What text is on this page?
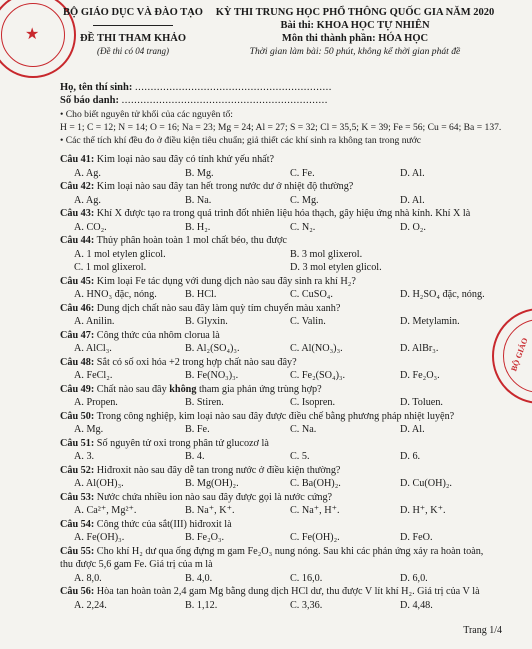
★
BỘ GIÁO
BỘ GIÁO DỤC VÀ ĐÀO TẠO
ĐỀ THI THAM KHẢO
(Đề thi có 04 trang)
KỲ THI TRUNG HỌC PHỔ THÔNG QUỐC GIA NĂM 2020
Bài thi: KHOA HỌC TỰ NHIÊN
Môn thi thành phần: HÓA HỌC
Thời gian làm bài: 50 phút, không kể thời gian phát đề
Họ, tên thí sinh: ...............................................................
Số báo danh: ..................................................................
• Cho biết nguyên tử khối của các nguyên tố:
H = 1; C = 12; N = 14; O = 16; Na = 23; Mg = 24; Al = 27; S = 32; Cl = 35,5; K = 39; Fe = 56; Cu = 64; Ba = 137.
• Các thể tích khí đều đo ở điều kiện tiêu chuẩn; giả thiết các khí sinh ra không tan trong nước
Câu 41: Kim loại nào sau đây có tính khử yếu nhất?
A. Ag.	B. Mg.	C. Fe.	D. Al.
Câu 42: Kim loại nào sau đây tan hết trong nước dư ở nhiệt độ thường?
A. Ag.	B. Na.	C. Mg.	D. Al.
Câu 43: Khí X được tạo ra trong quá trình đốt nhiên liệu hóa thạch, gây hiệu ứng nhà kính. Khí X là
A. CO₂.	B. H₂.	C. N₂.	D. O₂.
Câu 44: Thủy phân hoàn toàn 1 mol chất béo, thu được
A. 1 mol etylen glicol.	B. 3 mol glixerol.
C. 1 mol glixerol.	D. 3 mol etylen glicol.
Câu 45: Kim loại Fe tác dụng với dung dịch nào sau đây sinh ra khí H₂?
A. HNO₃ đặc, nóng.	B. HCl.	C. CuSO₄.	D. H₂SO₄ đặc, nóng.
Câu 46: Dung dịch chất nào sau đây làm quỳ tím chuyển màu xanh?
A. Anilin.	B. Glyxin.	C. Valin.	D. Metylamin.
Câu 47: Công thức của nhôm clorua là
A. AlCl₃.	B. Al₂(SO₄)₃.	C. Al(NO₃)₃.	D. AlBr₃.
Câu 48: Sắt có số oxi hóa +2 trong hợp chất nào sau đây?
A. FeCl₂.	B. Fe(NO₃)₃.	C. Fe₂(SO₄)₃.	D. Fe₂O₃.
Câu 49: Chất nào sau đây không tham gia phản ứng trùng hợp?
A. Propen.	B. Stiren.	C. Isopren.	D. Toluen.
Câu 50: Trong công nghiệp, kim loại nào sau đây được điều chế bằng phương pháp nhiệt luyện?
A. Mg.	B. Fe.	C. Na.	D. Al.
Câu 51: Số nguyên tử oxi trong phân tử glucozơ là
A. 3.	B. 4.	C. 5.	D. 6.
Câu 52: Hiđroxit nào sau đây dễ tan trong nước ở điều kiện thường?
A. Al(OH)₃.	B. Mg(OH)₂.	C. Ba(OH)₂.	D. Cu(OH)₂.
Câu 53: Nước chứa nhiều ion nào sau đây được gọi là nước cứng?
A. Ca²⁺, Mg²⁺.	B. Na⁺, K⁺.	C. Na⁺, H⁺.	D. H⁺, K⁺.
Câu 54: Công thức của sắt(III) hiđroxit là
A. Fe(OH)₃.	B. Fe₂O₃.	C. Fe(OH)₂.	D. FeO.
Câu 55: Cho khí H₂ dư qua ống đựng m gam Fe₂O₃ nung nóng. Sau khi các phản ứng xảy ra hoàn toàn,
thu được 5,6 gam Fe. Giá trị của m là
A. 8,0.	B. 4,0.	C. 16,0.	D. 6,0.
Câu 56: Hòa tan hoàn toàn 2,4 gam Mg bằng dung dịch HCl dư, thu được V lít khí H₂. Giá trị của V là
A. 2,24.	B. 1,12.	C. 3,36.	D. 4,48.
Trang 1/4
